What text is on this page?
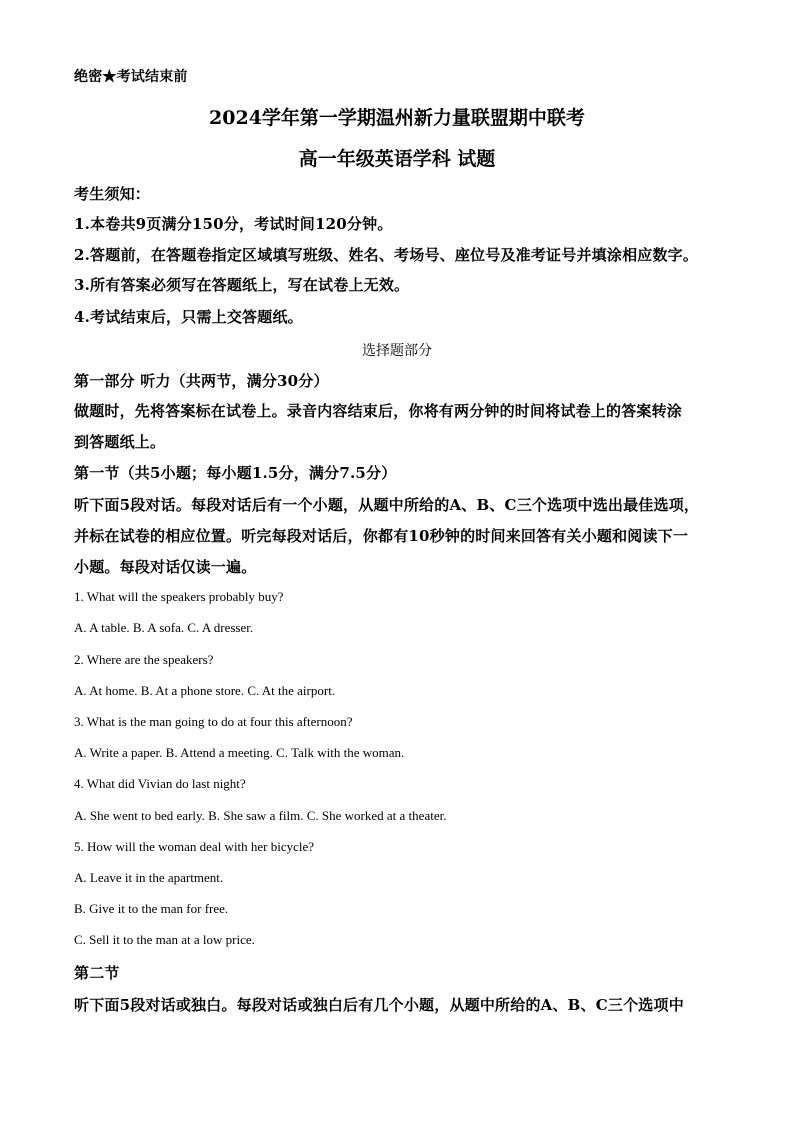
绝密★考试结束前
2024学年第一学期温州新力量联盟期中联考
高一年级英语学科 试题
考生须知：
1.本卷共9页满分150分，考试时间120分钟。
2.答题前，在答题卷指定区域填写班级、姓名、考场号、座位号及准考证号并填涂相应数字。
3.所有答案必须写在答题纸上，写在试卷上无效。
4.考试结束后，只需上交答题纸。
选择题部分
第一部分 听力（共两节，满分30分）
做题时，先将答案标在试卷上。录音内容结束后，你将有两分钟的时间将试卷上的答案转涂
到答题纸上。
第一节（共5小题；每小题1.5分，满分7.5分）
听下面5段对话。每段对话后有一个小题，从题中所给的A、B、C三个选项中选出最佳选项，
并标在试卷的相应位置。听完每段对话后，你都有10秒钟的时间来回答有关小题和阅读下一
小题。每段对话仅读一遍。
1. What will the speakers probably buy?
A. A table. B. A sofa. C. A dresser.
2. Where are the speakers?
A. At home. B. At a phone store. C. At the airport.
3. What is the man going to do at four this afternoon?
A. Write a paper. B. Attend a meeting. C. Talk with the woman.
4. What did Vivian do last night?
A. She went to bed early. B. She saw a film. C. She worked at a theater.
5. How will the woman deal with her bicycle?
A. Leave it in the apartment.
B. Give it to the man for free.
C. Sell it to the man at a low price.
第二节
听下面5段对话或独白。每段对话或独白后有几个小题，从题中所给的A、B、C三个选项中
